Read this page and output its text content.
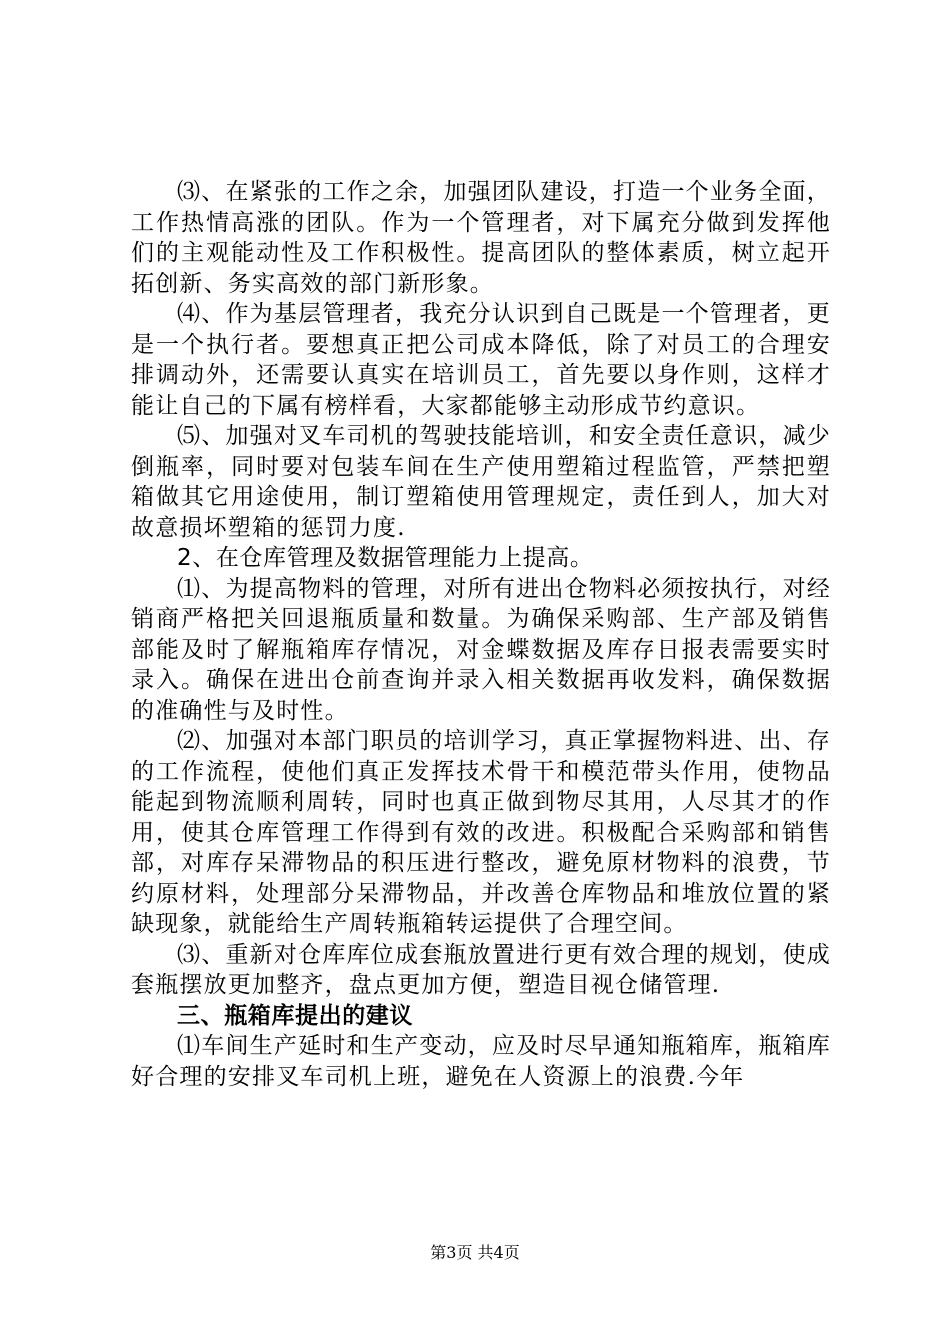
⑶、在紧张的工作之余，加强团队建设，打造一个业务全面，工作热情高涨的团队。作为一个管理者，对下属充分做到发挥他们的主观能动性及工作积极性。提高团队的整体素质，树立起开拓创新、务实高效的部门新形象。

⑷、作为基层管理者，我充分认识到自己既是一个管理者，更是一个执行者。要想真正把公司成本降低，除了对员工的合理安排调动外，还需要认真实在培训员工，首先要以身作则，这样才能让自己的下属有榜样看，大家都能够主动形成节约意识。

⑸、加强对叉车司机的驾驶技能培训，和安全责任意识，减少倒瓶率，同时要对包装车间在生产使用塑箱过程监管，严禁把塑箱做其它用途使用，制订塑箱使用管理规定，责任到人，加大对故意损坏塑箱的惩罚力度.

2、在仓库管理及数据管理能力上提高。

⑴、为提高物料的管理，对所有进出仓物料必须按执行，对经销商严格把关回退瓶质量和数量。为确保采购部、生产部及销售部能及时了解瓶箱库存情况，对金蝶数据及库存日报表需要实时录入。确保在进出仓前查询并录入相关数据再收发料，确保数据的准确性与及时性。

⑵、加强对本部门职员的培训学习，真正掌握物料进、出、存的工作流程，使他们真正发挥技术骨干和模范带头作用，使物品能起到物流顺利周转，同时也真正做到物尽其用，人尽其才的作用，使其仓库管理工作得到有效的改进。积极配合采购部和销售部，对库存呆滞物品的积压进行整改，避免原材物料的浪费，节约原材料，处理部分呆滞物品，并改善仓库物品和堆放位置的紧缺现象，就能给生产周转瓶箱转运提供了合理空间。

⑶、重新对仓库库位成套瓶放置进行更有效合理的规划，使成套瓶摆放更加整齐，盘点更加方便，塑造目视仓储管理.

三、瓶箱库提出的建议

⑴车间生产延时和生产变动，应及时尽早通知瓶箱库，瓶箱库好合理的安排叉车司机上班，避免在人资源上的浪费.今年

第3页 共4页
